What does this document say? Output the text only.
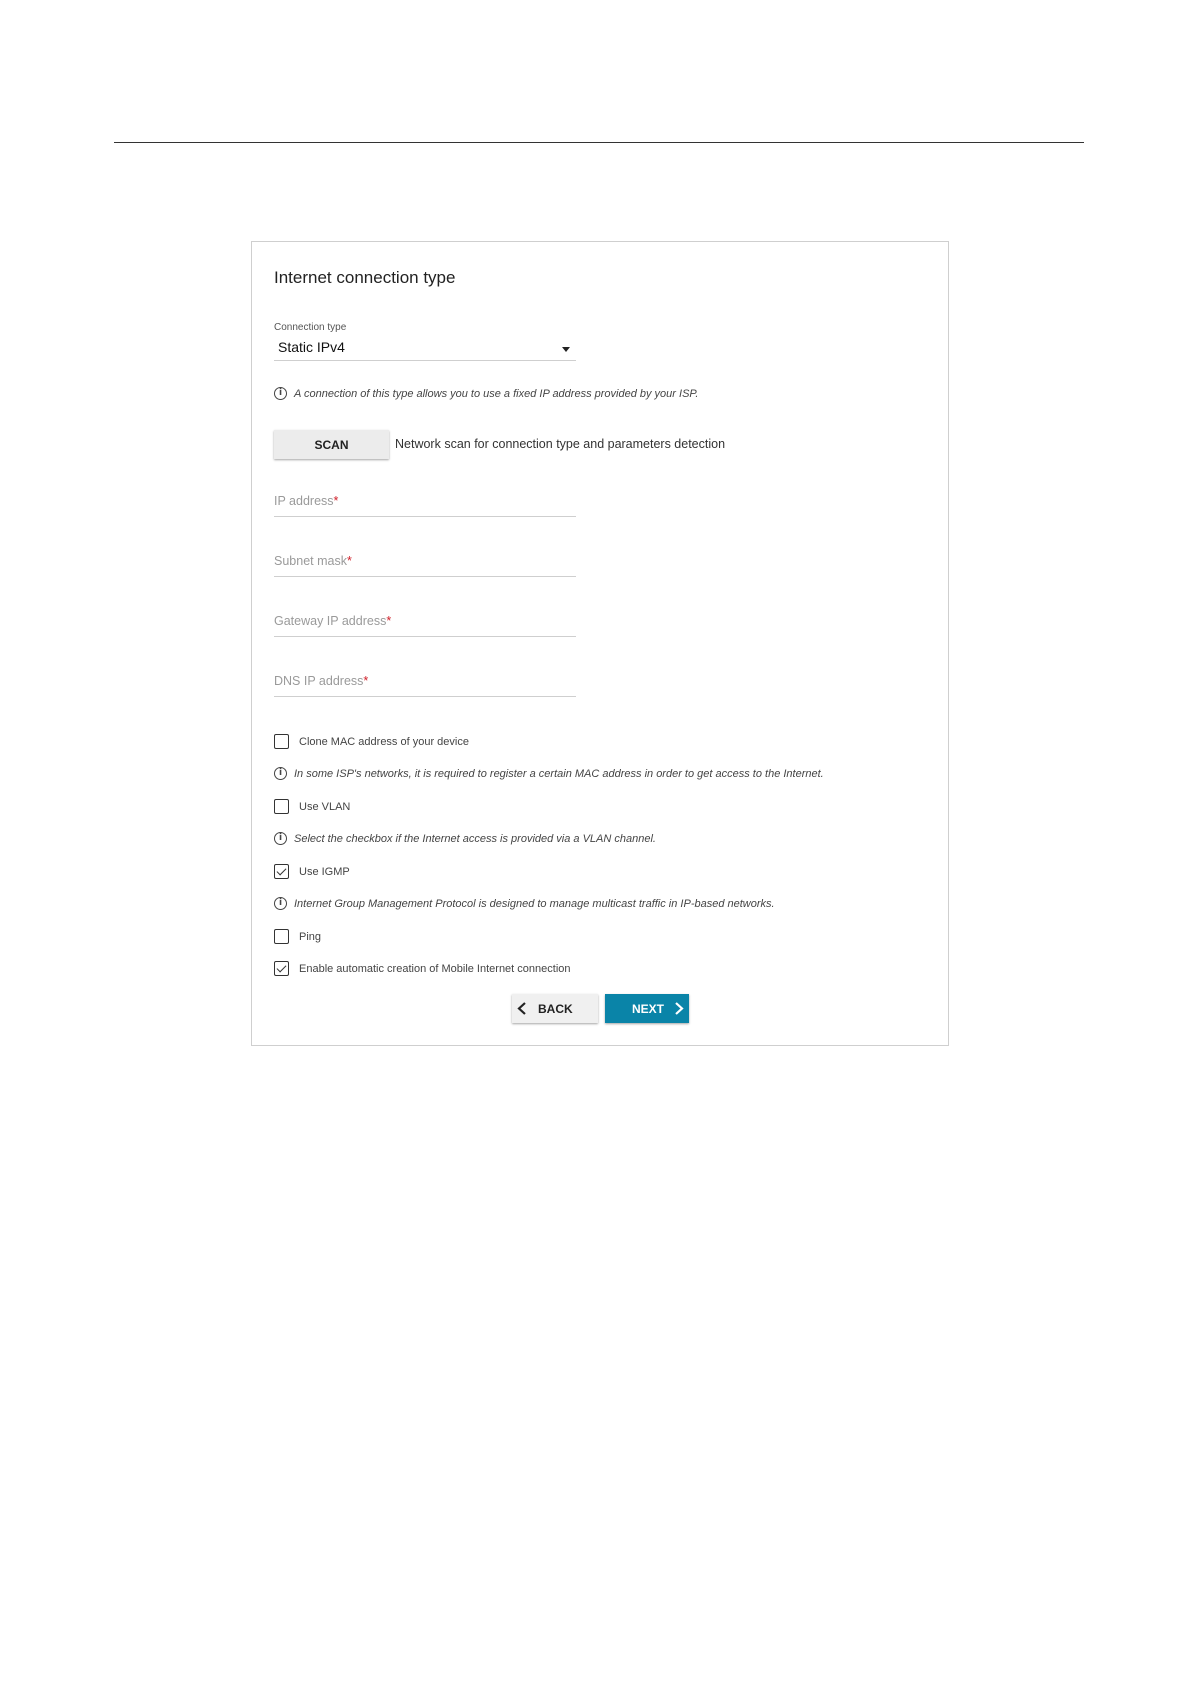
Internet connection type
Connection type
Static IPv4
i	A connection of this type allows you to use a fixed IP address provided by your ISP.
SCAN	Network scan for connection type and parameters detection
IP address*
Subnet mask*
Gateway IP address*
DNS IP address*
Clone MAC address of your device
i	In some ISP's networks, it is required to register a certain MAC address in order to get access to the Internet.
Use VLAN
i	Select the checkbox if the Internet access is provided via a VLAN channel.
Use IGMP
i	Internet Group Management Protocol is designed to manage multicast traffic in IP-based networks.
Ping
Enable automatic creation of Mobile Internet connection
BACK	NEXT
